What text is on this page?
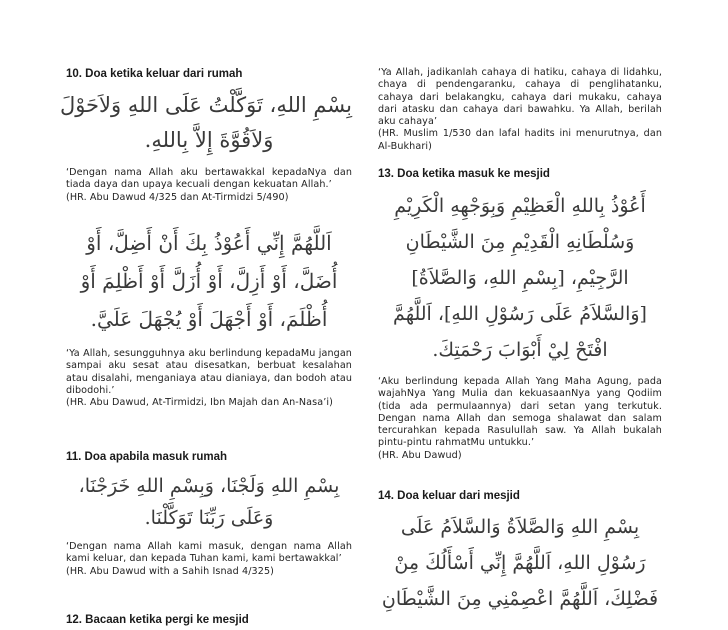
10. Doa ketika keluar dari rumah
بِسْمِ اللهِ، تَوَكَّلْتُ عَلَى اللهِ وَلاَحَوْلَ
وَلاَقُوَّةَ إِلاَّ بِاللهِ.

‘Dengan nama Allah aku bertawakkal kepadaNya dan tiada daya dan upaya kecuali dengan kekuatan Allah.’

(HR. Abu Dawud 4/325 dan At-Tirmidzi 5/490)

اَللَّهُمَّ إِنِّي أَعُوْذُ بِكَ أَنْ أَضِلَّ، أَوْ
أُضَلَّ، أَوْ أَزِلَّ، أَوْ أُزَلَّ أَوْ أَظْلِمَ أَوْ
أُظْلَمَ، أَوْ أَجْهَلَ أَوْ يُجْهَلَ عَلَيَّ.

‘Ya Allah, sesungguhnya aku berlindung kepadaMu jangan sampai aku sesat atau disesatkan, berbuat kesalahan atau disalahi, menganiaya atau dianiaya, dan bodoh atau dibodohi.’

(HR. Abu Dawud, At-Tirmidzi, Ibn Majah dan An-Nasa’i)

11. Doa apabila masuk rumah
بِسْمِ اللهِ وَلَجْنَا، وَبِسْمِ اللهِ خَرَجْنَا،
وَعَلَى رَبِّنَا تَوَكَّلْنَا.

‘Dengan nama Allah kami masuk, dengan nama Allah kami keluar, dan kepada Tuhan kami, kami bertawakkal’

(HR. Abu Dawud with a Sahih Isnad 4/325)

12. Bacaan ketika pergi ke mesjid

‘Ya Allah, jadikanlah cahaya di hatiku, cahaya di lidahku, chaya di pendengaranku, cahaya di penglihatanku, cahaya dari belakangku, cahaya dari mukaku, cahaya dari atasku dan cahaya dari bawahku. Ya Allah, berilah aku cahaya’

(HR. Muslim 1/530 dan lafal hadits ini menurutnya, dan Al-Bukhari)

13. Doa ketika masuk ke mesjid
أَعُوْذُ بِاللهِ الْعَظِيْمِ وَبِوَجْهِهِ الْكَرِيْمِ
وَسُلْطَانِهِ الْقَدِيْمِ مِنَ الشَّيْطَانِ
الرَّجِيْمِ، [بِسْمِ اللهِ، وَالصَّلاَةُ]
[وَالسَّلاَمُ عَلَى رَسُوْلِ اللهِ]، اَللَّهُمَّ
افْتَحْ لِيْ أَبْوَابَ رَحْمَتِكَ.

‘Aku berlindung kepada Allah Yang Maha Agung, pada wajahNya Yang Mulia dan kekuasaanNya yang Qodiim (tida ada permulaannya) dari setan yang terkutuk. Dengan nama Allah dan semoga shalawat dan salam tercurahkan kepada Rasulullah saw. Ya Allah bukalah pintu-pintu rahmatMu untukku.’

(HR. Abu Dawud)

14. Doa keluar dari mesjid
بِسْمِ اللهِ وَالصَّلاَةُ وَالسَّلاَمُ عَلَى
رَسُوْلِ اللهِ، اَللَّهُمَّ إِنِّي أَسْأَلُكَ مِنْ
فَضْلِكَ، اَللَّهُمَّ اعْصِمْنِي مِنَ الشَّيْطَانِ
